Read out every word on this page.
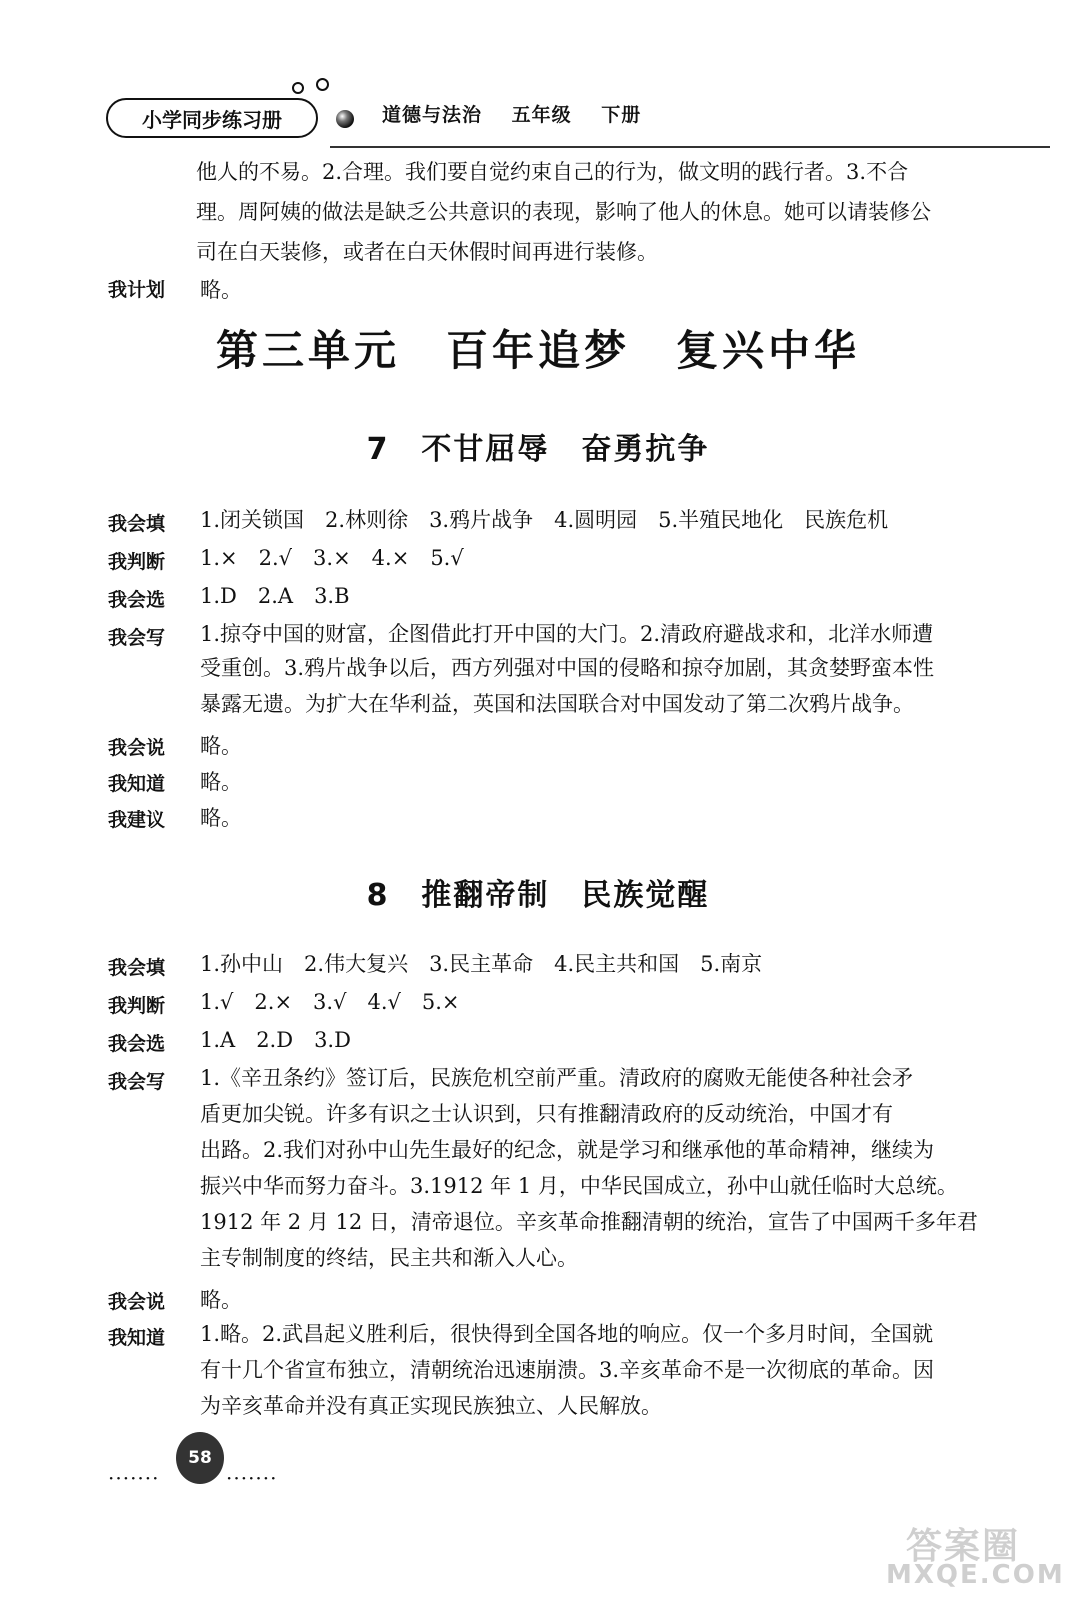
小学同步练习册	道德与法治 五年级 下册
他人的不易。2.合理。我们要自觉约束自己的行为，做文明的践行者。3.不合
理。周阿姨的做法是缺乏公共意识的表现，影响了他人的休息。她可以请装修公
司在白天装修，或者在白天休假时间再进行装修。
我计划 略。
第三单元　百年追梦　复兴中华
7　不甘屈辱　奋勇抗争
我会填 1.闭关锁国　2.林则徐　3.鸦片战争　4.圆明园　5.半殖民地化　民族危机
我判断 1.×　2.√　3.×　4.×　5.√
我会选 1.D　2.A　3.B
我会写 1.掠夺中国的财富，企图借此打开中国的大门。2.清政府避战求和，北洋水师遭
受重创。3.鸦片战争以后，西方列强对中国的侵略和掠夺加剧，其贪婪野蛮本性
暴露无遗。为扩大在华利益，英国和法国联合对中国发动了第二次鸦片战争。
我会说 略。
我知道 略。
我建议 略。
8　推翻帝制　民族觉醒
我会填 1.孙中山　2.伟大复兴　3.民主革命　4.民主共和国　5.南京
我判断 1.√　2.×　3.√　4.√　5.×
我会选 1.A　2.D　3.D
我会写 1.《辛丑条约》签订后，民族危机空前严重。清政府的腐败无能使各种社会矛
盾更加尖锐。许多有识之士认识到，只有推翻清政府的反动统治，中国才有
出路。2.我们对孙中山先生最好的纪念，就是学习和继承他的革命精神，继续为
振兴中华而努力奋斗。3.1912 年 1 月，中华民国成立，孙中山就任临时大总统。
1912 年 2 月 12 日，清帝退位。辛亥革命推翻清朝的统治，宣告了中国两千多年君
主专制制度的终结，民主共和渐入人心。
我会说 略。
我知道 1.略。2.武昌起义胜利后，很快得到全国各地的响应。仅一个多月时间，全国就
有十几个省宣布独立，清朝统治迅速崩溃。3.辛亥革命不是一次彻底的革命。因
为辛亥革命并没有真正实现民族独立、人民解放。
·······
58
·······
答案圈
MXQE.COM
